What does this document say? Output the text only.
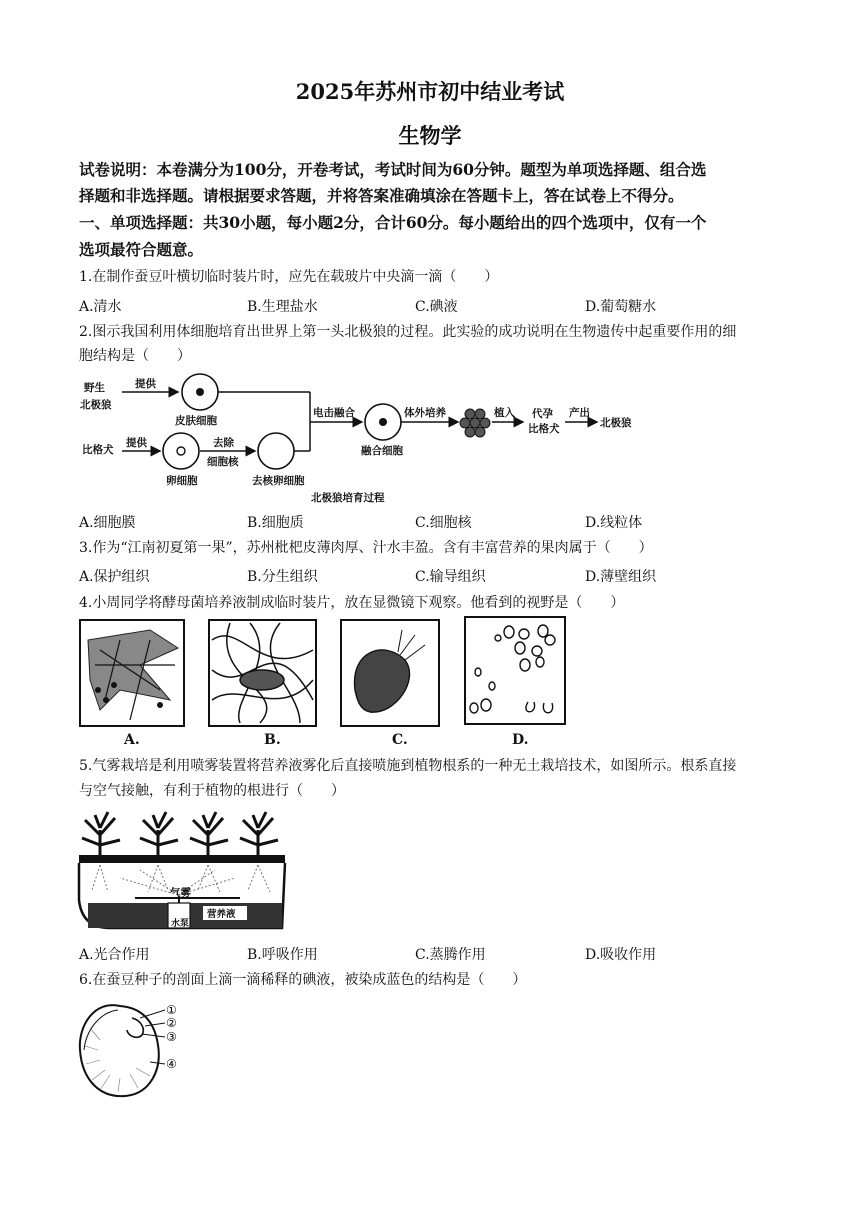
2025年苏州市初中结业考试
生物学
试卷说明：本卷满分为100分，开卷考试，考试时间为60分钟。题型为单项选择题、组合选
择题和非选择题。请根据要求答题，并将答案准确填涂在答题卡上，答在试卷上不得分。
一、单项选择题：共30小题，每小题2分，合计60分。每小题给出的四个选项中，仅有一个
选项最符合题意。
1.在制作蚕豆叶横切临时装片时，应先在载玻片中央滴一滴（　　）
A.清水	B.生理盐水	C.碘液	D.葡萄糖水
2.图示我国利用体细胞培育出世界上第一头北极狼的过程。此实验的成功说明在生物遗传中起重要作用的细
胞结构是（　　）
野生
北极狼
比格犬
提供
皮肤细胞
提供
卵细胞
去除
细胞核
去核卵细胞
电击融合
融合细胞
体外培养	植入 代孕
比格犬
产出
北极狼
北极狼培育过程
A.细胞膜	B.细胞质	C.细胞核	D.线粒体
3.作为“江南初夏第一果”，苏州枇杷皮薄肉厚、汁水丰盈。含有丰富营养的果肉属于（　　）
A.保护组织	B.分生组织	C.输导组织	D.薄壁组织
4.小周同学将酵母菌培养液制成临时装片，放在显微镜下观察。他看到的视野是（　　）
A.	B.	C.	D.
5.气雾栽培是利用喷雾装置将营养液雾化后直接喷施到植物根系的一种无土栽培技术，如图所示。根系直接
与空气接触，有利于植物的根进行（　　）
气雾
水泵
营养液
A.光合作用	B.呼吸作用	C.蒸腾作用	D.吸收作用
6.在蚕豆种子的剖面上滴一滴稀释的碘液，被染成蓝色的结构是（　　）
①
②
③
④
